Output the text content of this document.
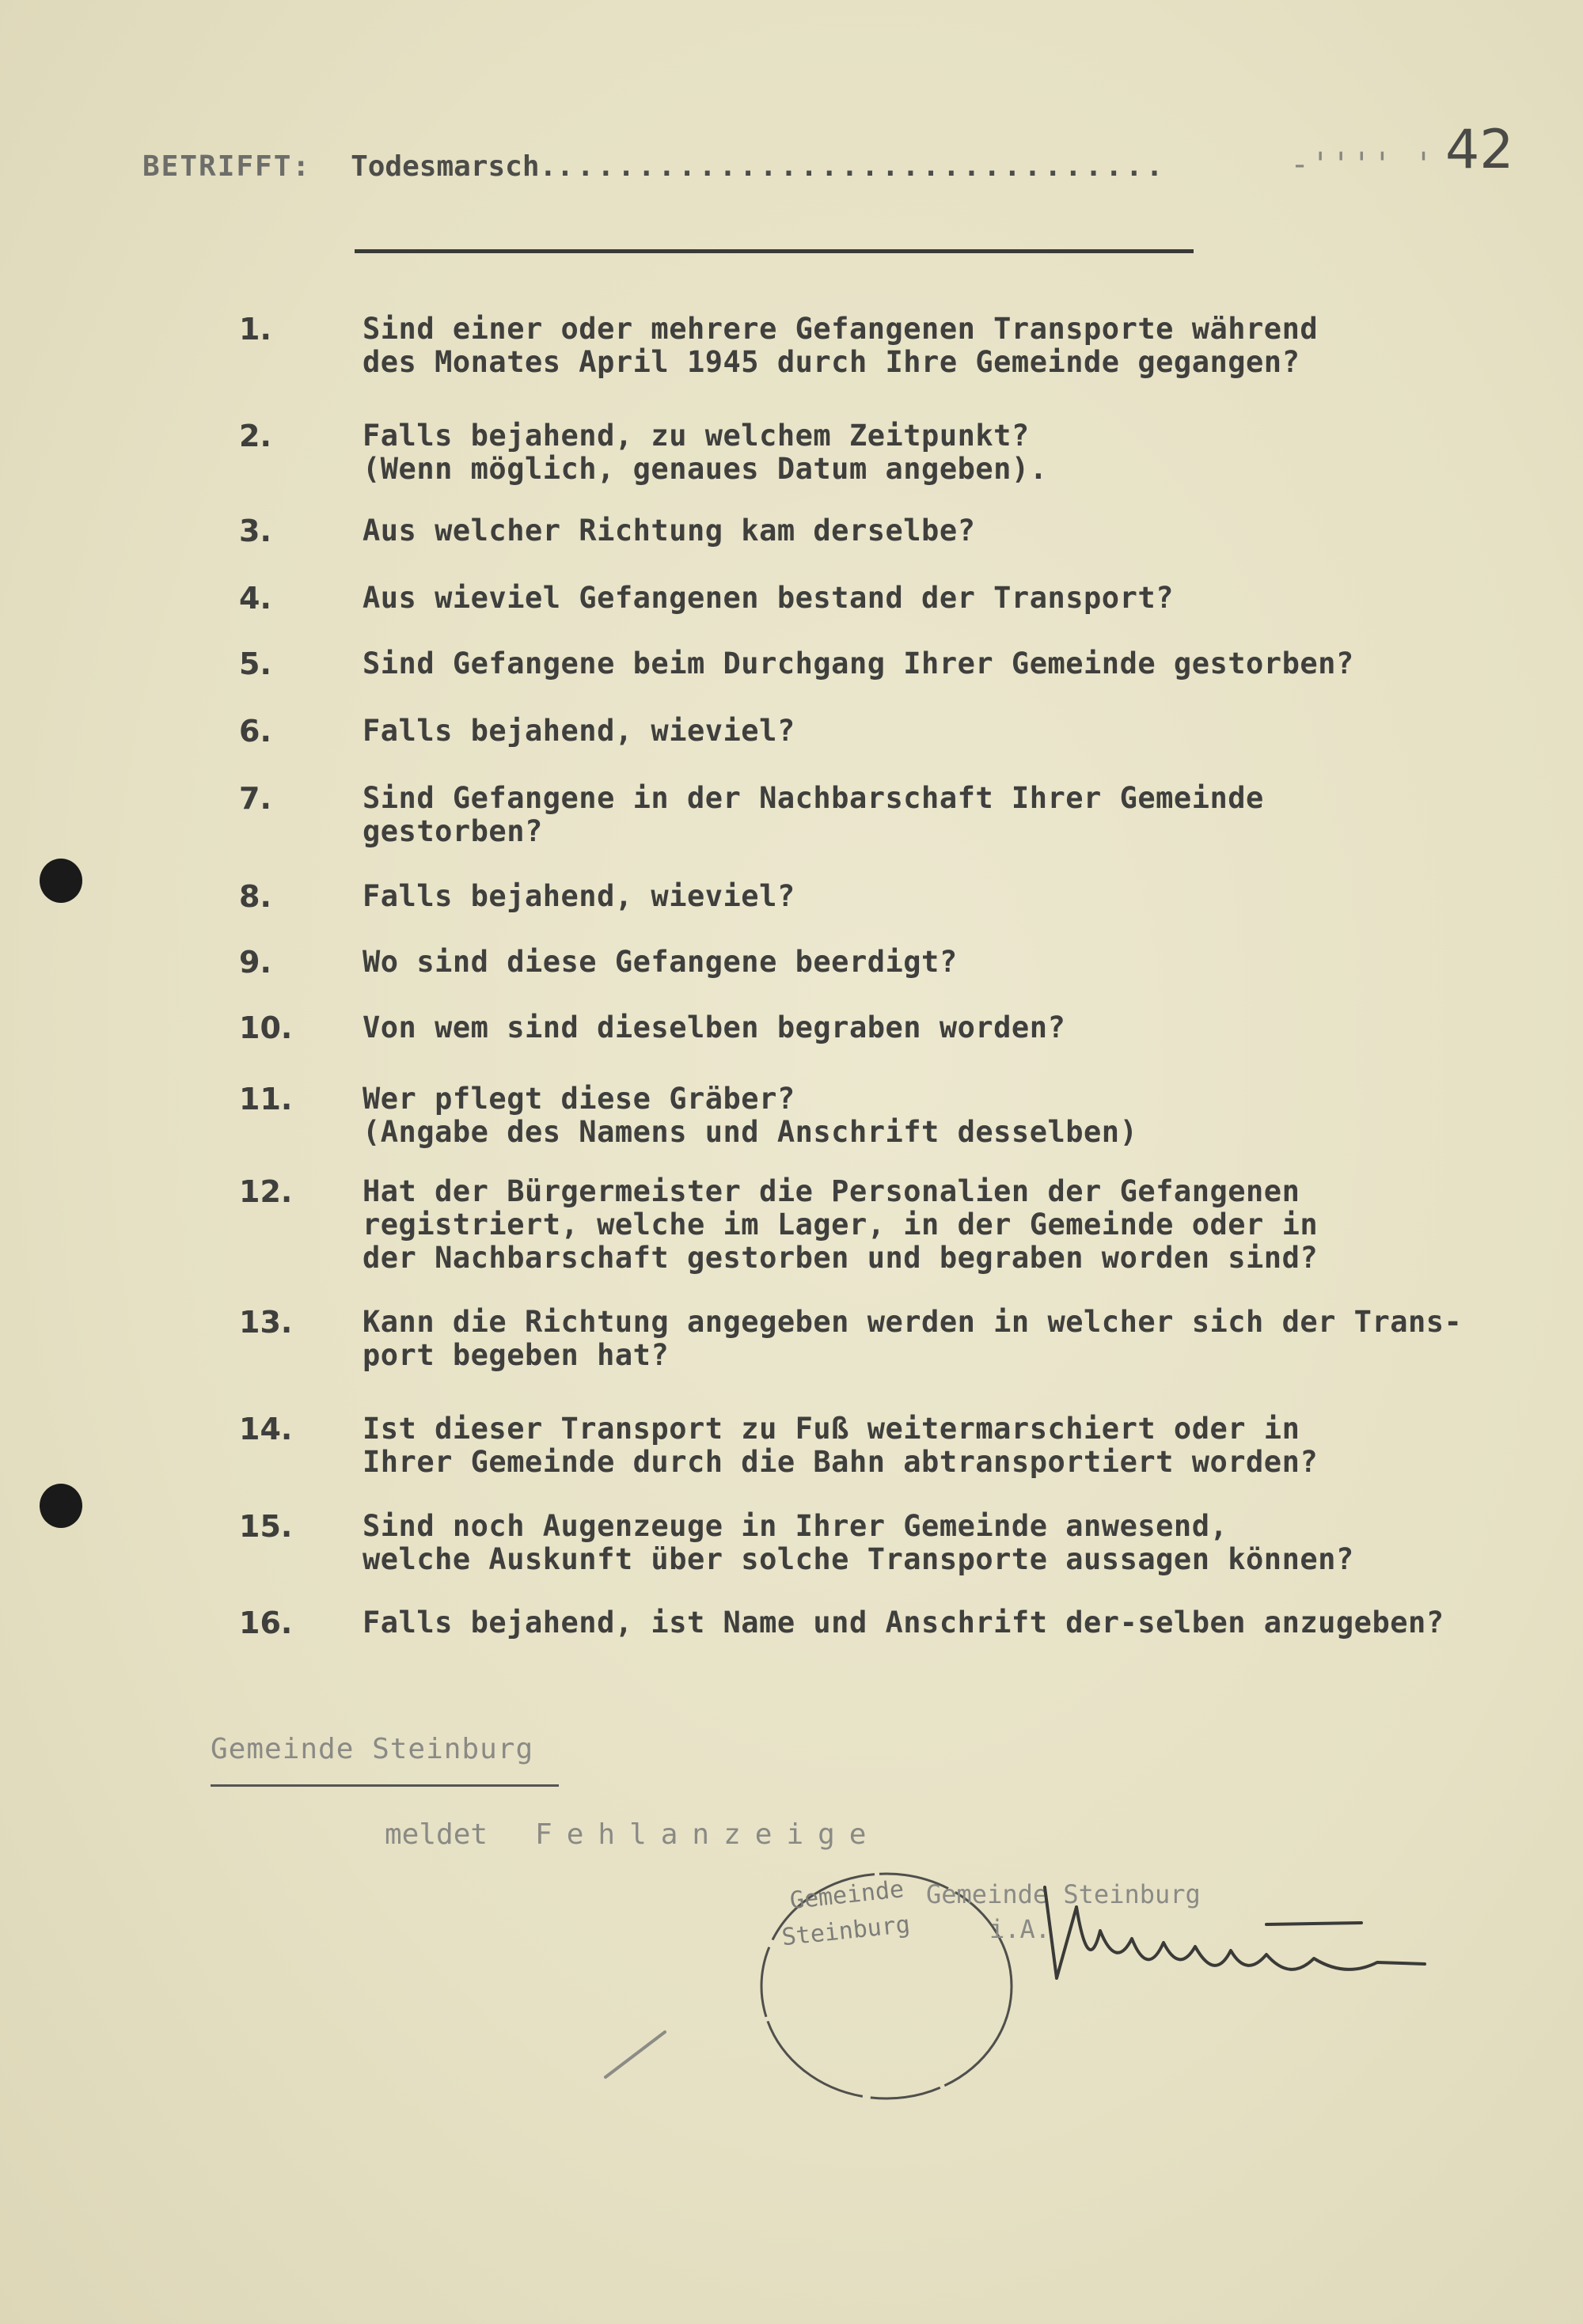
-'''' ' 42
BETRIFFT: Todesmarsch...............................
1.	Sind einer oder mehrere Gefangenen Transporte während
des Monates April 1945 durch Ihre Gemeinde gegangen?
2.	Falls bejahend, zu welchem Zeitpunkt?
(Wenn möglich, genaues Datum angeben).
3.	Aus welcher Richtung kam derselbe?
4.	Aus wieviel Gefangenen bestand der Transport?
5.	Sind Gefangene beim Durchgang Ihrer Gemeinde gestorben?
6.	Falls bejahend, wieviel?
7.	Sind Gefangene in der Nachbarschaft Ihrer Gemeinde
gestorben?
8.	Falls bejahend, wieviel?
9.	Wo sind diese Gefangene beerdigt?
10.	Von wem sind dieselben begraben worden?
11.	Wer pflegt diese Gräber?
(Angabe des Namens und Anschrift desselben)
12.	Hat der Bürgermeister die Personalien der Gefangenen
registriert, welche im Lager, in der Gemeinde oder in
der Nachbarschaft gestorben und begraben worden sind?
13.	Kann die Richtung angegeben werden in welcher sich der Trans-
port begeben hat?
14.	Ist dieser Transport zu Fuß weitermarschiert oder in
Ihrer Gemeinde durch die Bahn abtransportiert worden?
15.	Sind noch Augenzeuge in Ihrer Gemeinde anwesend,
welche Auskunft über solche Transporte aussagen können?
16.	Falls bejahend, ist Name und Anschrift der-selben anzugeben?
Gemeinde Steinburg
meldet Fehlanzeige
Gemeinde
Steinburg
Gemeinde Steinburg
i.A.
